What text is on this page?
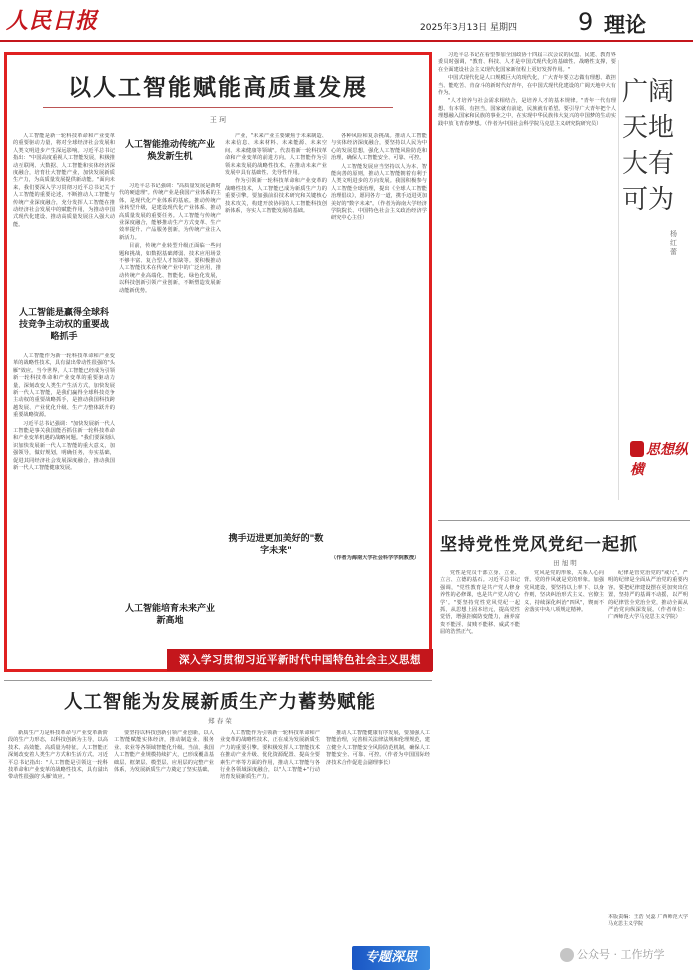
人民日报	2025年3月13日 星期四	9 理论
以人工智能赋能高质量发展
王 珂

人工智能是新一轮科技革命和产业变革的重要驱动力量，将对全球经济社会发展和人类文明进步产生深远影响。习近平总书记指出："中国高度重视人工智能发展，积极推动互联网、大数据、人工智能和实体经济深度融合，培育壮大智能产业，加快发展新质生产力，为高质量发展提供新动能。"面向未来，我们要深入学习贯彻习近平总书记关于人工智能的重要论述，不断推动人工智能与传统产业深度融合，充分发挥人工智能在推动经济社会发展中的赋能作用，为推动中国式现代化建设、推动高质量发展注入强大动能。

人工智能是赢得全球科技竞争主动权的重要战略抓手

人工智能作为新一轮科技革命和产业变革的战略性技术，具有溢出带动性很强的"头雁"效应。当今世界，人工智能已经成为引领新一轮科技革命和产业变革的重要驱动力量，深刻改变人类生产生活方式，加快发展新一代人工智能，是我们赢得全球科技竞争主动权的重要战略抓手，是推动我国科技跨越发展、产业优化升级、生产力整体跃升的重要战略资源。

习近平总书记强调："加快发展新一代人工智能是事关我国能否抓住新一轮科技革命和产业变革机遇的战略问题。"我们要深刻认识加快发展新一代人工智能的重大意义，加强领导，做好规划，明确任务，夯实基础，促进其同经济社会发展深度融合，推动我国新一代人工智能健康发展。

人工智能推动传统产业焕发新生机

习近平总书记强调："高质量发展是新时代的硬道理"。传统产业是我国产业体系的主体，是现代化产业体系的基底。推动传统产业转型升级，是建设现代化产业体系、推动高质量发展的重要任务。人工智能与传统产业深度融合，能够推动生产方式变革、生产效率提升、产品服务创新，为传统产业注入新活力。

目前，传统产业转型升级正面临一些问题和挑战，如数据基础薄弱、技术应用场景不够丰富、复合型人才短缺等。要积极推动人工智能技术在传统产业中的广泛应用，推动传统产业高端化、智能化、绿色化发展，以科技创新引领产业创新，不断塑造发展新动能新优势。

产业，"未来产业主要聚焦于未来制造、未来信息、未来材料、未来能源、未来空间、未来健康等领域"。代表着新一轮科技革命和产业变革的前进方向。人工智能作为引领未来发展的战略性技术，在推动未来产业发展中具有基础性、先导性作用。

作为引领新一轮科技革命和产业变革的战略性技术，人工智能已成为新质生产力的重要引擎。要加强前沿技术研究和关键核心技术攻关，构建开放协同的人工智能科技创新体系，夯实人工智能发展的基础。

携手迈进更加美好的"数字未来"
人工智能培育未来产业新高地

各种风险和复杂挑战。推动人工智能与实体经济深度融合，要坚持以人民为中心的发展思想，强化人工智能风险防范和治理，确保人工智能安全、可靠、可控。

人工智能发展应当坚持以人为本、智能向善的原则，推动人工智能朝着有利于人类文明进步的方向发展。我国积极参与人工智能全球治理，提出《全球人工智能治理倡议》，愿同各方一道，携手迈进更加美好的"数字未来"。（作者为海南大学经济学院院长、中国特色社会主义政治经济学研究中心主任）

（作者为海南大学社会科学学院教授）
深入学习贯彻习近平新时代中国特色社会主义思想

习近平总书记在看望参加全国政协十四届三次会议的民盟、民建、教育界委员时强调，"教育、科技、人才是中国式现代化的基础性、战略性支撑，要在全面建设社会主义现代化国家新征程上更好发挥作用。"

中国式现代化是人口规模巨大的现代化，广大青年要立志做有理想、敢担当、能吃苦、肯奋斗的新时代好青年，在中国式现代化建设的广阔天地中大有作为。

"人才培养与社会需求相结合，是培养人才的基本规律。"青年一代有理想、有本领、有担当，国家就有前途，民族就有希望。要引导广大青年把个人理想融入国家和民族的事业之中，在实现中华民族伟大复兴的中国梦的生动实践中放飞青春梦想。（作者为中国社会科学院马克思主义研究院研究员）

广阔天地大有可为
杨 红 蕾
思想纵横
坚持党性党风党纪一起抓
田 旭 明

党性是党员干部立身、立业、立言、立德的基石。习近平总书记强调，"党性教育是共产党人修身养性的必修课，也是共产党人的'心学'。"要坚持党性党风党纪一起抓，从思想上固本培元，提高党性觉悟，增强拒腐防变能力，涵养富贵不能淫、贫贱不能移、威武不能屈的浩然正气。

党风是党的形象，关系人心向背。党的作风就是党的形象。加强党风建设，要坚持以上率下、以身作则，坚决纠治形式主义、官僚主义，持续深化纠治"四风"，锲而不舍落实中央八项规定精神。

纪律是管党治党的"戒尺"。严明的纪律是全面从严治党的重要内容。要把纪律建设摆在更加突出位置，坚持严的基调不动摇，以严明的纪律管全党治全党，推动全面从严治党向纵深发展。（作者单位：广西师范大学马克思主义学院）

本版责编：王浩 吴蕊 广西师范大学马克思主义学院
人工智能为发展新质生产力蓄势赋能
郑 春 荣

新质生产力是科技革命与产业变革新阶段的生产力形态，以科技创新为主导，以高技术、高效能、高质量为特征。人工智能正深刻改变着人类生产方式和生活方式。习近平总书记指出："人工智能是引领这一轮科技革命和产业变革的战略性技术，具有溢出带动性很强的'头雁'效应。"

要坚持以科技创新引领产业创新，以人工智能赋能实体经济，推动制造业、服务业、农业等各领域智能化升级。当前，我国人工智能产业规模持续扩大，已形成覆盖基础层、框架层、模型层、应用层的完整产业体系，为发展新质生产力奠定了坚实基础。

人工智能作为引领新一轮科技革命和产业变革的战略性技术，正在成为发展新质生产力的重要引擎。要积极发挥人工智能技术在推动产业升级、优化资源配置、提高全要素生产率等方面的作用，推动人工智能与各行业各领域深度融合，以"人工智能+"行动培育发展新质生产力。

推动人工智能健康有序发展，要加强人工智能治理，完善相关法律法规和伦理规范，建立健全人工智能安全风险防范机制，确保人工智能安全、可靠、可控。（作者为中国国际经济技术合作促进会副理事长）

专题深思	公众号 · 工作坊学
